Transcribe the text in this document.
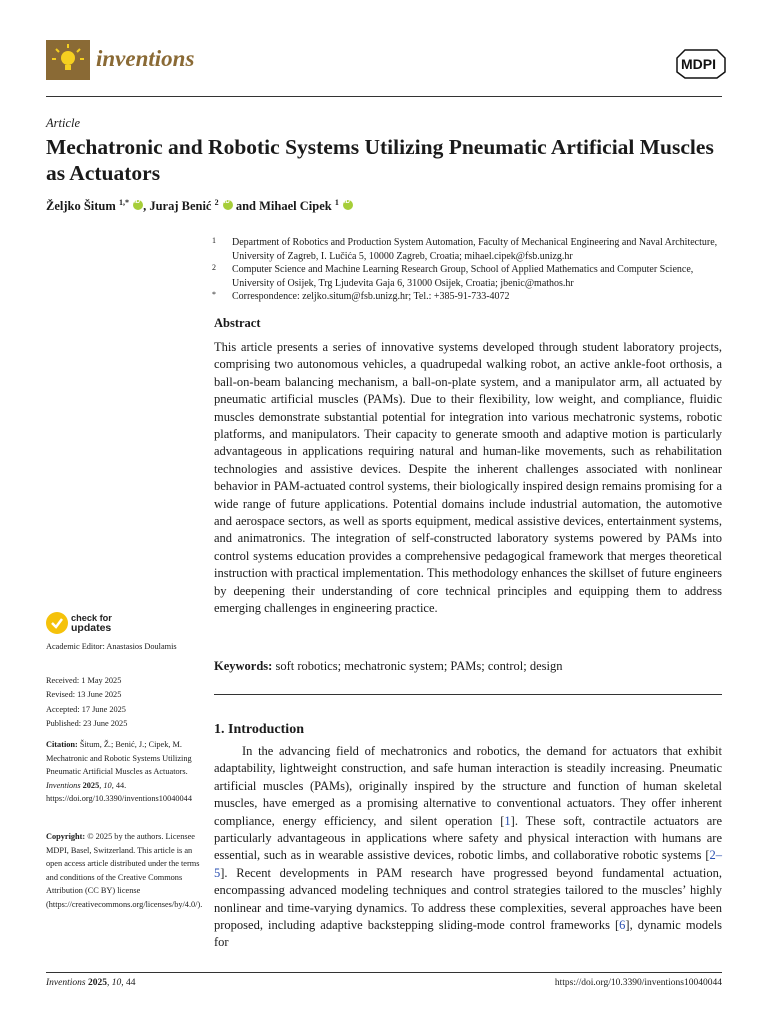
inventions	MDPI
Article
Mechatronic and Robotic Systems Utilizing Pneumatic Artificial Muscles as Actuators
Željko Šitum $^{1,*}$ iD , Juraj Benić $^2$ iD and Mihael Cipek $^1$ iD
1 Department of Robotics and Production System Automation, Faculty of Mechanical Engineering and Naval Architecture, University of Zagreb, I. Lučića 5, 10000 Zagreb, Croatia; mihael.cipek@fsb.unizg.hr
2 Computer Science and Machine Learning Research Group, School of Applied Mathematics and Computer Science, University of Osijek, Trg Ljudevita Gaja 6, 31000 Osijek, Croatia; jbenic@mathos.hr
* Correspondence: zeljko.situm@fsb.unizg.hr; Tel.: +385-91-733-4072
Abstract
This article presents a series of innovative systems developed through student laboratory projects, comprising two autonomous vehicles, a quadrupedal walking robot, an active ankle-foot orthosis, a ball-on-beam balancing mechanism, a ball-on-plate system, and a manipulator arm, all actuated by pneumatic artificial muscles (PAMs). Due to their flexibility, low weight, and compliance, fluidic muscles demonstrate substantial potential for integration into various mechatronic systems, robotic platforms, and manipulators. Their capacity to generate smooth and adaptive motion is particularly advantageous in applications requiring natural and human-like movements, such as rehabilitation technologies and assistive devices. Despite the inherent challenges associated with nonlinear behavior in PAM-actuated control systems, their biologically inspired design remains promising for a wide range of future applications. Potential domains include industrial automation, the automotive and aerospace sectors, as well as sports equipment, medical assistive devices, entertainment systems, and animatronics. The integration of self-constructed laboratory systems powered by PAMs into control systems education provides a comprehensive pedagogical framework that merges theoretical instruction with practical implementation. This methodology enhances the skillset of future engineers by deepening their understanding of core technical principles and equipping them to address emerging challenges in engineering practice.
Keywords: soft robotics; mechatronic system; PAMs; control; design
1. Introduction
In the advancing field of mechatronics and robotics, the demand for actuators that exhibit adaptability, lightweight construction, and safe human interaction is steadily increasing. Pneumatic artificial muscles (PAMs), originally inspired by the structure and function of human skeletal muscles, have emerged as a promising alternative to conventional actuators. They offer inherent compliance, energy efficiency, and silent operation [1]. These soft, contractile actuators are particularly advantageous in applications where safety and physical interaction with humans are essential, such as in wearable assistive devices, robotic limbs, and collaborative robotic systems [2–5]. Recent developments in PAM research have progressed beyond fundamental actuation, encompassing advanced modeling techniques and control strategies tailored to the muscles’ highly nonlinear and time-varying dynamics. To address these complexities, several approaches have been proposed, including adaptive backstepping sliding-mode control frameworks [6], dynamic models for
check for
updates
Academic Editor: Anastasios Doulamis
Received: 1 May 2025
Revised: 13 June 2025
Accepted: 17 June 2025
Published: 23 June 2025
Citation: Šitum, Ž.; Benić, J.; Cipek, M. Mechatronic and Robotic Systems Utilizing Pneumatic Artificial Muscles as Actuators. Inventions 2025, 10, 44. https://doi.org/10.3390/inventions10040044
Copyright: © 2025 by the authors. Licensee MDPI, Basel, Switzerland. This article is an open access article distributed under the terms and conditions of the Creative Commons Attribution (CC BY) license (https://creativecommons.org/licenses/by/4.0/).
Inventions 2025, 10, 44	https://doi.org/10.3390/inventions10040044
